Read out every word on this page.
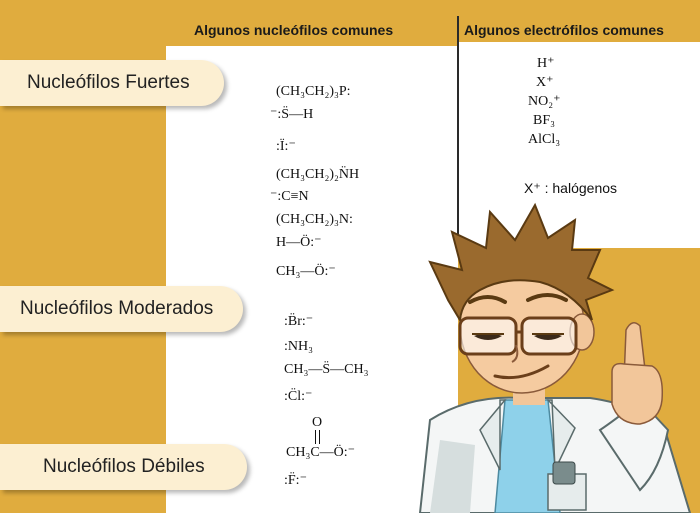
Algunos nucleófilos comunes	Algunos electrófilos comunes
Nucleófilos Fuertes
Nucleófilos Moderados
Nucleófilos Débiles
(CH₃CH₂)₃P:
⁻:S̈—H
:Ï:⁻
(CH₃CH₂)₂N̈H
⁻:C≡N
(CH₃CH₂)₃N:
H—Ö:⁻
CH₃—Ö:⁻
:B̈r:⁻
:NH₃
CH₃—S̈—CH₃
:C̈l:⁻
O
CH₃C—Ö:⁻
:F̈:⁻
H⁺
X⁺
NO₂⁺
BF₃
AlCl₃
X⁺ : halógenos
